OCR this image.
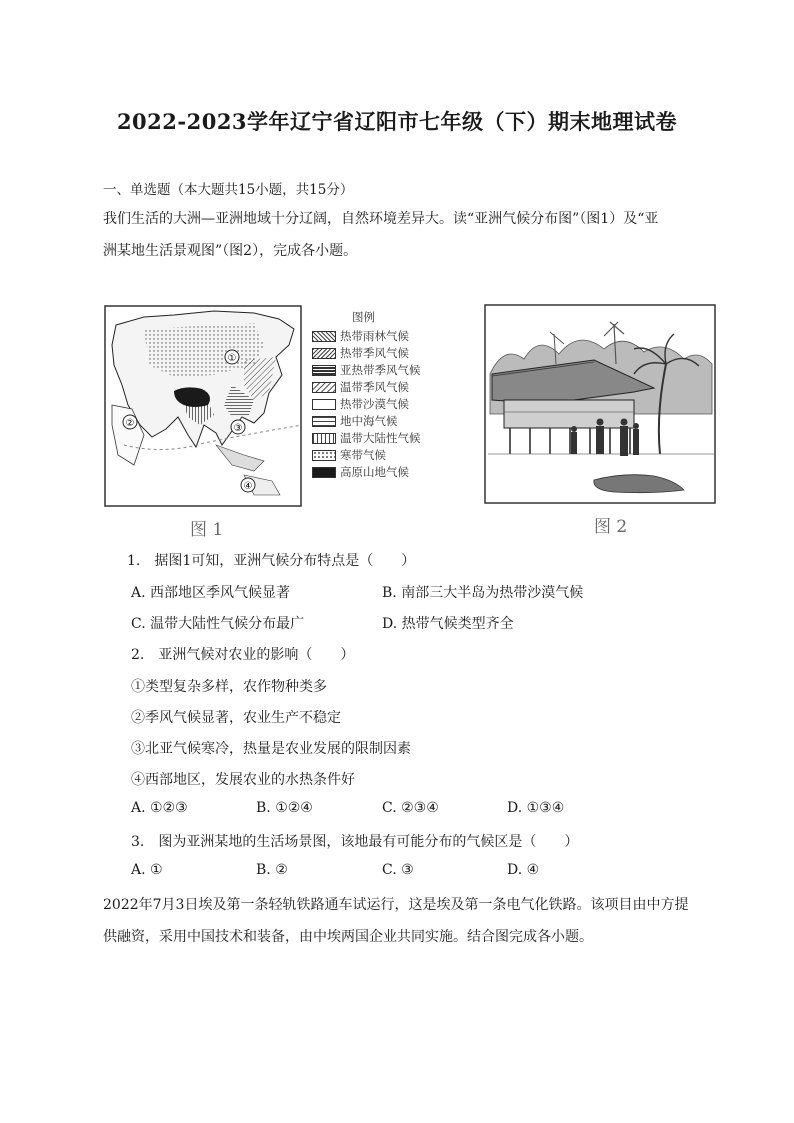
2022-2023学年辽宁省辽阳市七年级（下）期末地理试卷
一、单选题（本大题共15小题，共15分）
我们生活的大洲—亚洲地域十分辽阔，自然环境差异大。读“亚洲气候分布图”（图1）及“亚
洲某地生活景观图”（图2），完成各小题。
①
②	③
④
图例
热带雨林气候
热带季风气候
亚热带季风气候
温带季风气候
热带沙漠气候
地中海气候
温带大陆性气候
寒带气候
高原山地气候
图 1	图 2
1.　据图1可知，亚洲气候分布特点是（　　）
A. 西部地区季风气候显著	B. 南部三大半岛为热带沙漠气候
C. 温带大陆性气候分布最广	D. 热带气候类型齐全
2.　亚洲气候对农业的影响（　　）
①类型复杂多样，农作物种类多
②季风气候显著，农业生产不稳定
③北亚气候寒冷，热量是农业发展的限制因素
④西部地区，发展农业的水热条件好
A. ①②③	B. ①②④	C. ②③④	D. ①③④
3.　图为亚洲某地的生活场景图，该地最有可能分布的气候区是（　　）
A. ①	B. ②	C. ③	D. ④
2022年7月3日埃及第一条轻轨铁路通车试运行，这是埃及第一条电气化铁路。该项目由中方提
供融资，采用中国技术和装备，由中埃两国企业共同实施。结合图完成各小题。
